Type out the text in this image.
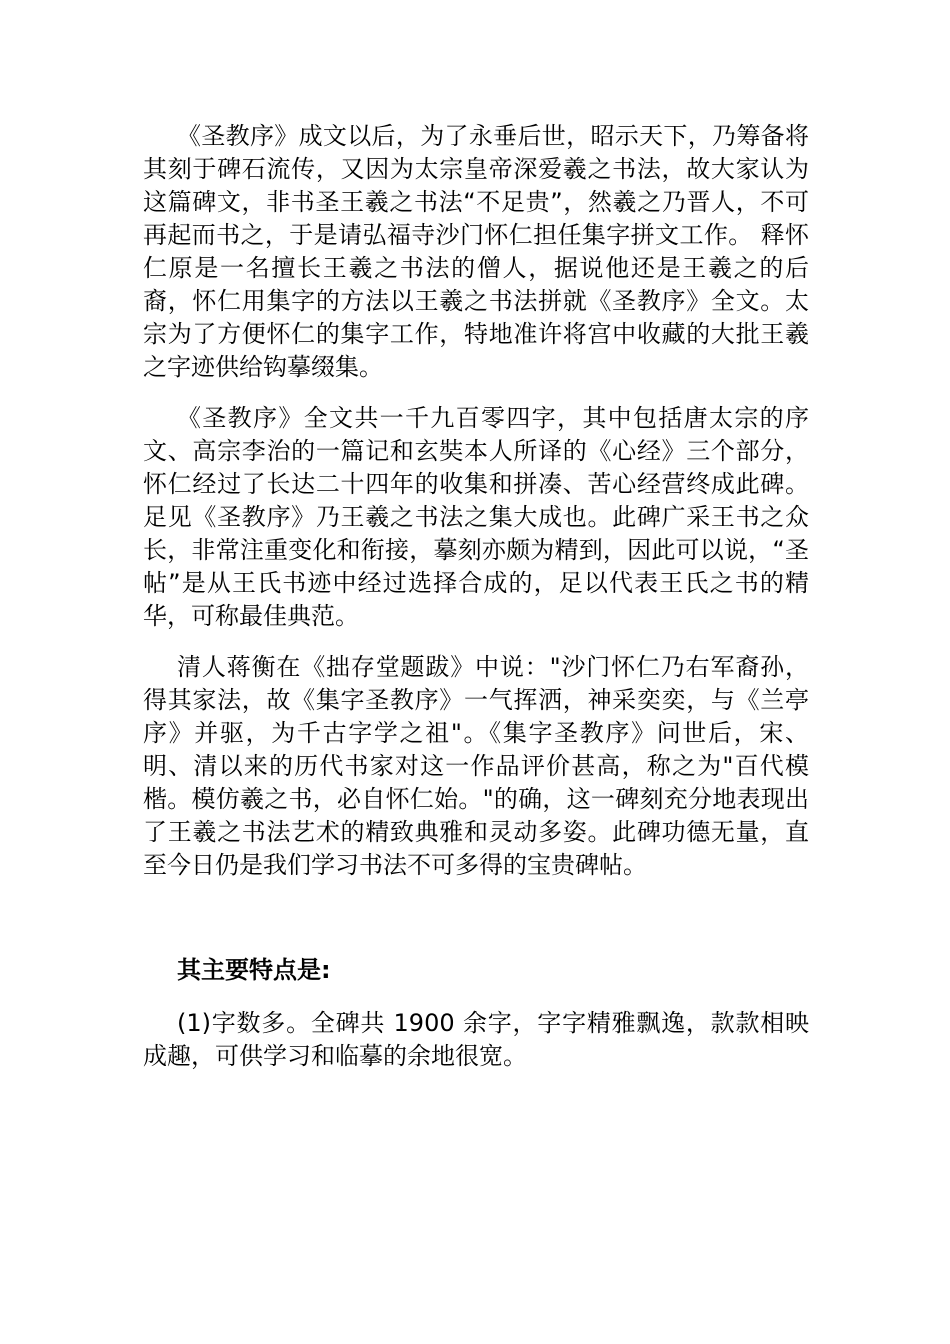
《圣教序》成文以后，为了永垂后世，昭示天下，乃筹备将其刻于碑石流传，又因为太宗皇帝深爱羲之书法，故大家认为这篇碑文，非书圣王羲之书法“不足贵”，然羲之乃晋人，不可再起而书之，于是请弘福寺沙门怀仁担任集字拼文工作。 释怀仁原是一名擅长王羲之书法的僧人，据说他还是王羲之的后裔，怀仁用集字的方法以王羲之书法拼就《圣教序》全文。太宗为了方便怀仁的集字工作，特地准许将宫中收藏的大批王羲之字迹供给钩摹缀集。

《圣教序》全文共一千九百零四字，其中包括唐太宗的序文、高宗李治的一篇记和玄奘本人所译的《心经》三个部分，怀仁经过了长达二十四年的收集和拼凑、苦心经营终成此碑。足见《圣教序》乃王羲之书法之集大成也。此碑广采王书之众长，非常注重变化和衔接，摹刻亦颇为精到，因此可以说，“圣帖”是从王氏书迹中经过选择合成的，足以代表王氏之书的精华，可称最佳典范。

清人蒋衡在《拙存堂题跋》中说："沙门怀仁乃右军裔孙，得其家法，故《集字圣教序》一气挥洒，神采奕奕，与《兰亭序》并驱，为千古字学之祖"。《集字圣教序》问世后，宋、明、清以来的历代书家对这一作品评价甚高，称之为"百代模楷。模仿羲之书，必自怀仁始。"的确，这一碑刻充分地表现出了王羲之书法艺术的精致典雅和灵动多姿。此碑功德无量，直至今日仍是我们学习书法不可多得的宝贵碑帖。

其主要特点是:

(1)字数多。全碑共 1900 余字，字字精雅飘逸，款款相映成趣，可供学习和临摹的余地很宽。
